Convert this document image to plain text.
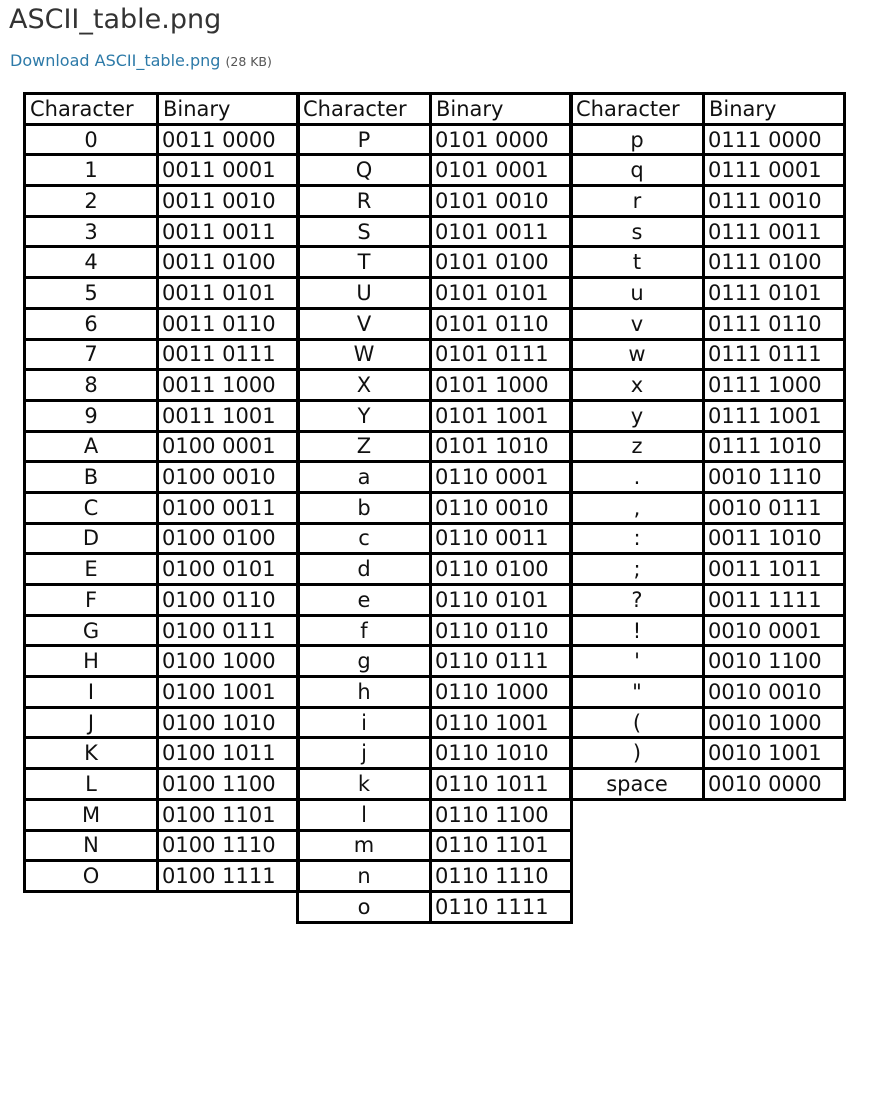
ASCII_table.png
Download ASCII_table.png (28 KB)
Character	Binary
0	0011 0000
1	0011 0001
2	0011 0010
3	0011 0011
4	0011 0100
5	0011 0101
6	0011 0110
7	0011 0111
8	0011 1000
9	0011 1001
A	0100 0001
B	0100 0010
C	0100 0011
D	0100 0100
E	0100 0101
F	0100 0110
G	0100 0111
H	0100 1000
I	0100 1001
J	0100 1010
K	0100 1011
L	0100 1100
M	0100 1101
N	0100 1110
O	0100 1111
Character	Binary
P	0101 0000
Q	0101 0001
R	0101 0010
S	0101 0011
T	0101 0100
U	0101 0101
V	0101 0110
W	0101 0111
X	0101 1000
Y	0101 1001
Z	0101 1010
a	0110 0001
b	0110 0010
c	0110 0011
d	0110 0100
e	0110 0101
f	0110 0110
g	0110 0111
h	0110 1000
i	0110 1001
j	0110 1010
k	0110 1011
l	0110 1100
m	0110 1101
n	0110 1110
o	0110 1111
Character	Binary
p	0111 0000
q	0111 0001
r	0111 0010
s	0111 0011
t	0111 0100
u	0111 0101
v	0111 0110
w	0111 0111
x	0111 1000
y	0111 1001
z	0111 1010
.	0010 1110
,	0010 0111
:	0011 1010
;	0011 1011
?	0011 1111
!	0010 0001
'	0010 1100
"	0010 0010
(	0010 1000
)	0010 1001
space	0010 0000
